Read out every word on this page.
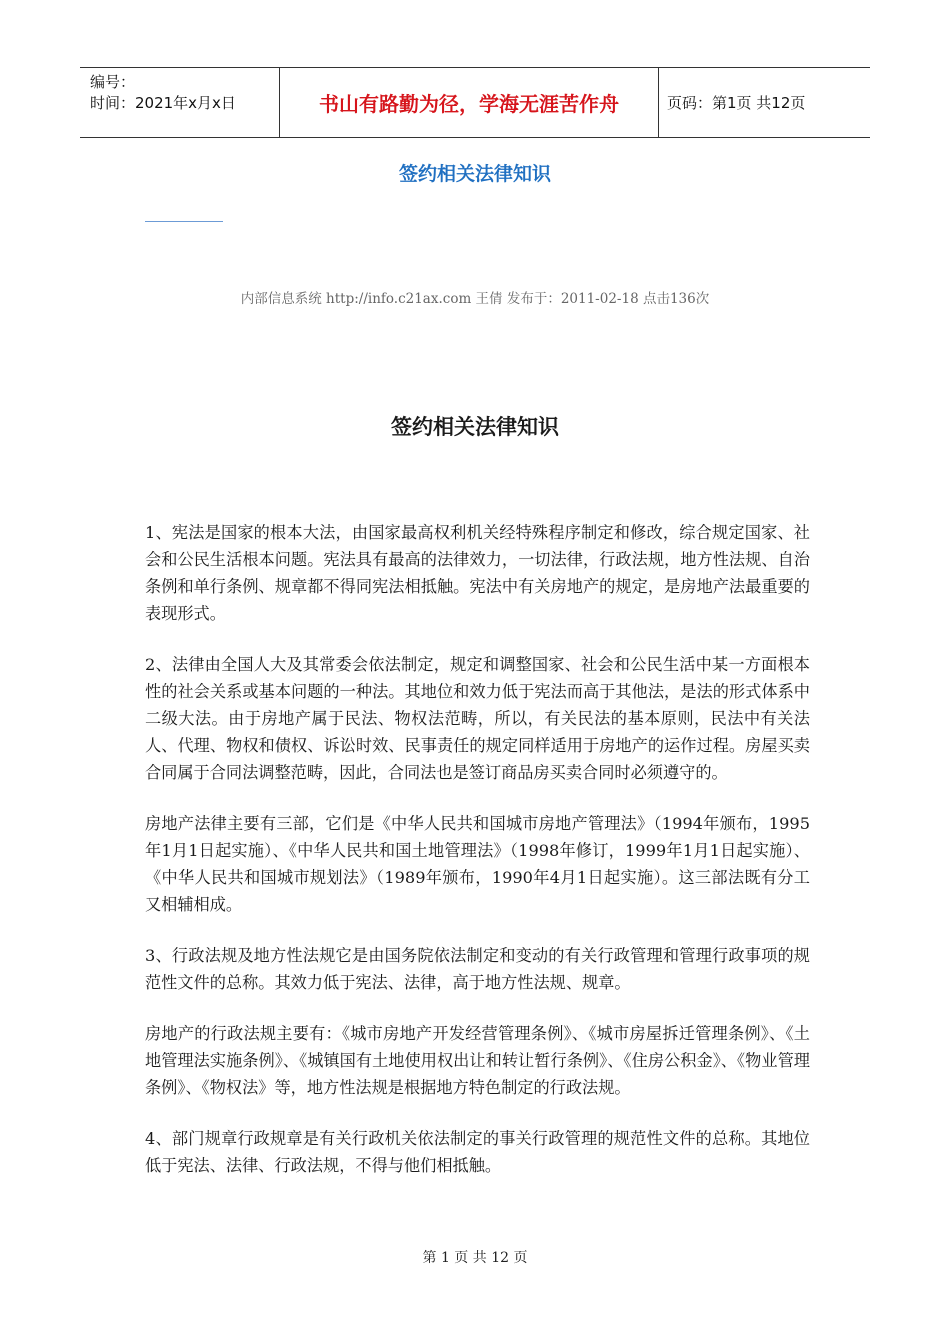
编号：
时间：2021年x月x日	书山有路勤为径，学海无涯苦作舟	页码：第1页 共12页
签约相关法律知识
内部信息系统 http://info.c21ax.com 王倩 发布于：2011-02-18 点击136次
签约相关法律知识

1、宪法是国家的根本大法，由国家最高权利机关经特殊程序制定和修改，综合规定国家、社会和公民生活根本问题。宪法具有最高的法律效力，一切法律，行政法规，地方性法规、自治条例和单行条例、规章都不得同宪法相抵触。宪法中有关房地产的规定，是房地产法最重要的表现形式。

2、法律由全国人大及其常委会依法制定，规定和调整国家、社会和公民生活中某一方面根本性的社会关系或基本问题的一种法。其地位和效力低于宪法而高于其他法，是法的形式体系中二级大法。由于房地产属于民法、物权法范畴，所以，有关民法的基本原则，民法中有关法人、代理、物权和债权、诉讼时效、民事责任的规定同样适用于房地产的运作过程。房屋买卖合同属于合同法调整范畴，因此，合同法也是签订商品房买卖合同时必须遵守的。

房地产法律主要有三部，它们是《中华人民共和国城市房地产管理法》（1994年颁布，1995年1月1日起实施）、《中华人民共和国土地管理法》（1998年修订，1999年1月1日起实施）、《中华人民共和国城市规划法》（1989年颁布，1990年4月1日起实施）。这三部法既有分工又相辅相成。

3、行政法规及地方性法规它是由国务院依法制定和变动的有关行政管理和管理行政事项的规范性文件的总称。其效力低于宪法、法律，高于地方性法规、规章。

房地产的行政法规主要有：《城市房地产开发经营管理条例》、《城市房屋拆迁管理条例》、《土地管理法实施条例》、《城镇国有土地使用权出让和转让暂行条例》、《住房公积金》、《物业管理条例》、《物权法》等，地方性法规是根据地方特色制定的行政法规。

4、部门规章行政规章是有关行政机关依法制定的事关行政管理的规范性文件的总称。其地位低于宪法、法律、行政法规，不得与他们相抵触。

第 1 页 共 12 页
